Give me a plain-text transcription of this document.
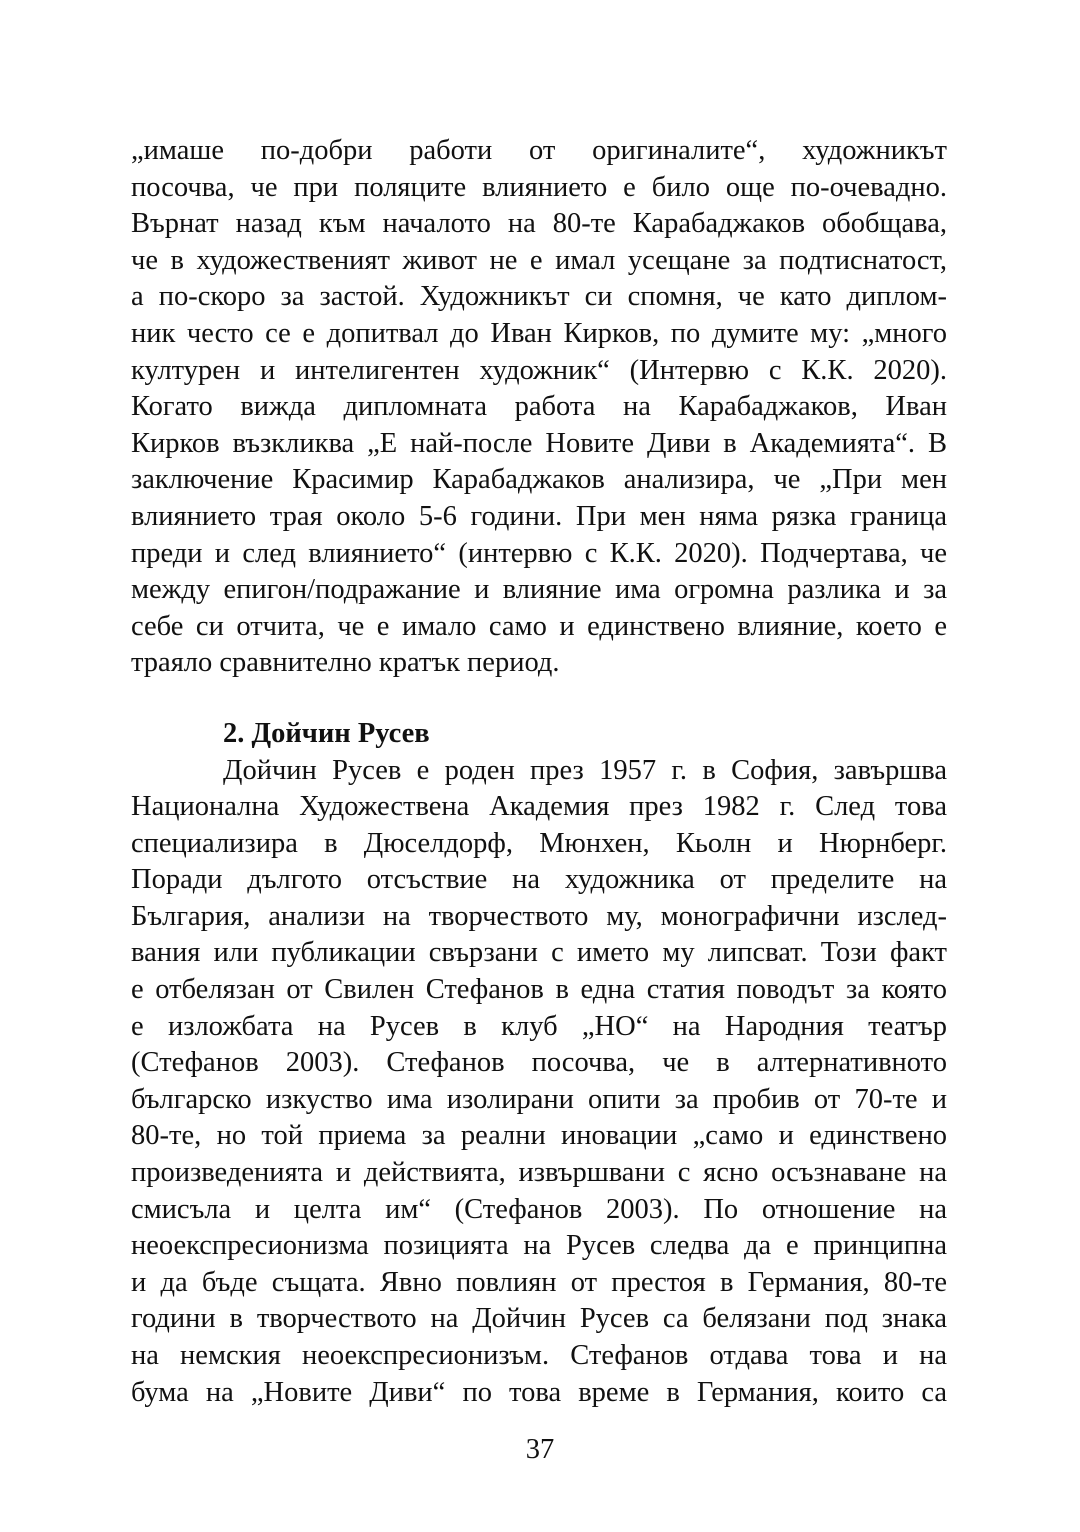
„имаше по-добри работи от оригиналите“, художникът
посочва, че при поляците влиянието е било още по-очевадно.
Върнат назад към началото на 80-те Карабаджаков обобщава,
че в художественият живот не е имал усещане за подтиснатост,
а по-скоро за застой. Художникът си спомня, че като диплом-
ник често се е допитвал до Иван Кирков, по думите му: „много
културен и интелигентен художник“ (Интервю с К.К. 2020).
Когато вижда дипломната работа на Карабаджаков, Иван
Кирков възкликва „Е най-после Новите Диви в Академията“. В
заключение Красимир Карабаджаков анализира, че „При мен
влиянието трая около 5-6 години. При мен няма рязка граница
преди и след влиянието“ (интервю с К.К. 2020). Подчертава, че
между епигон/подражание и влияние има огромна разлика и за
себе си отчита, че е имало само и единствено влияние, което е
траяло сравнително кратък период.
2. Дойчин Русев
Дойчин Русев е роден през 1957 г. в София, завършва
Национална Художествена Академия през 1982 г. След това
специализира в Дюселдорф, Мюнхен, Кьолн и Нюрнберг.
Поради дългото отсъствие на художника от пределите на
България, анализи на творчеството му, монографични изслед-
вания или публикации свързани с името му липсват. Този факт
е отбелязан от Свилен Стефанов в една статия поводът за която
е изложбата на Русев в клуб „НО“ на Народния театър
(Стефанов 2003). Стефанов посочва, че в алтернативното
българско изкуство има изолирани опити за пробив от 70-те и
80-те, но той приема за реални иновации „само и единствено
произведенията и действията, извършвани с ясно осъзнаване на
смисъла и целта им“ (Стефанов 2003). По отношение на
неоекспресионизма позицията на Русев следва да е принципна
и да бъде същата. Явно повлиян от престоя в Германия, 80-те
години в творчеството на Дойчин Русев са белязани под знака
на немския неоекспресионизъм. Стефанов отдава това и на
бума на „Новите Диви“ по това време в Германия, които са
37
